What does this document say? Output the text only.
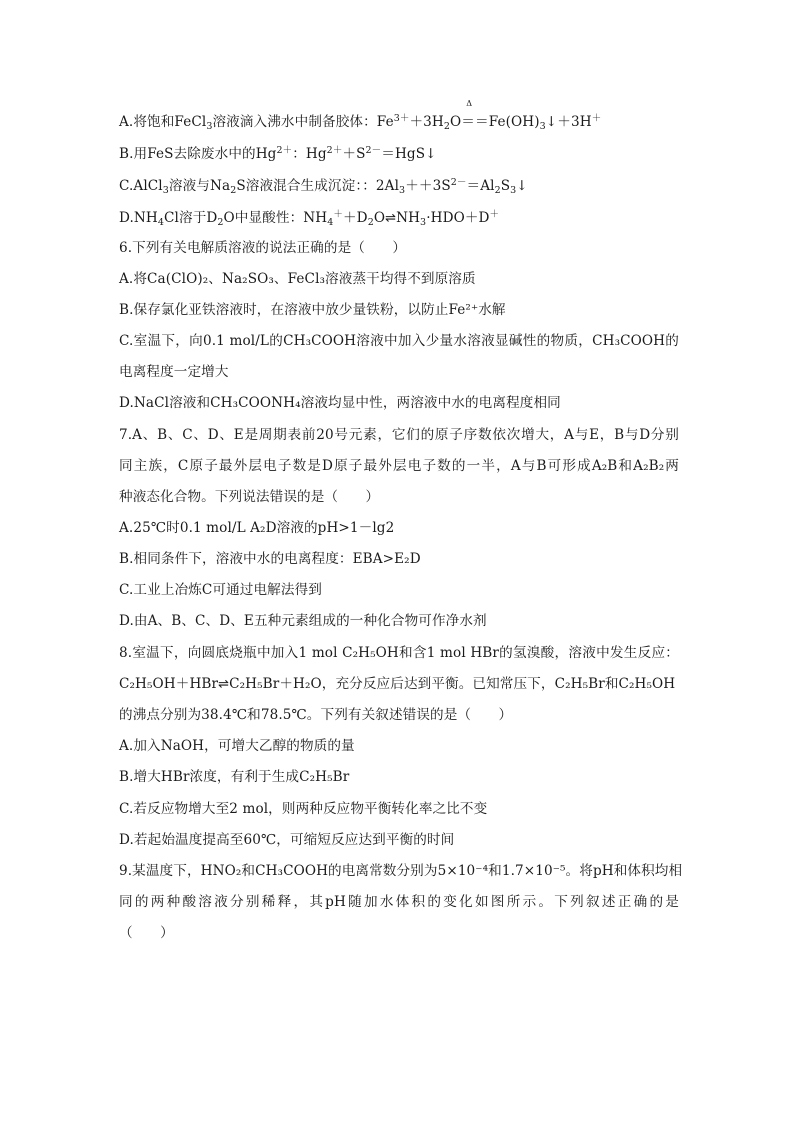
A.将饱和FeCl$_3$溶液滴入沸水中制备胶体：$Fe^{3+}+3H_2O$
Δ
$==Fe(OH)_3↓+3H^+$
B.用FeS去除废水中的$Hg^{2+}$：$Hg^{2+}+S^{2-}=HgS↓$
C.AlCl$_3$溶液与$Na_2S$溶液混合生成沉淀：：$2Al_3++3S^{2-}=Al_2S_3↓$
$D.NH_4Cl$溶于$D_2O$中显酸性：$NH_4^++D_2O\rightleftharpoons NH_3\cdot HDO+D^+$
6.下列有关电解质溶液的说法正确的是（　　）
A.将Ca(ClO)₂、Na₂SO₃、FeCl₃溶液蒸干均得不到原溶质
B.保存氯化亚铁溶液时，在溶液中放少量铁粉，以防止Fe²⁺水解
C.室温下，向0.1 mol/L的CH₃COOH溶液中加入少量水溶液显碱性的物质，CH₃COOH的
电离程度一定增大
D.NaCl溶液和CH₃COONH₄溶液均显中性，两溶液中水的电离程度相同
7.A、B、C、D、E是周期表前20号元素，它们的原子序数依次增大，A与E，B与D分别
同主族，C原子最外层电子数是D原子最外层电子数的一半，A与B可形成A₂B和A₂B₂两
种液态化合物。下列说法错误的是（　　）
A.25℃时0.1 mol/L A₂D溶液的pH>1－lg2
B.相同条件下，溶液中水的电离程度：EBA>E₂D
C.工业上冶炼C可通过电解法得到
D.由A、B、C、D、E五种元素组成的一种化合物可作净水剂
8.室温下，向圆底烧瓶中加入1 mol C₂H₅OH和含1 mol HBr的氢溴酸，溶液中发生反应：
C₂H₅OH＋HBr⇌C₂H₅Br＋H₂O，充分反应后达到平衡。已知常压下，C₂H₅Br和C₂H₅OH
的沸点分别为38.4℃和78.5℃。下列有关叙述错误的是（　　）
A.加入NaOH，可增大乙醇的物质的量
B.增大HBr浓度，有利于生成C₂H₅Br
C.若反应物增大至2 mol，则两种反应物平衡转化率之比不变
D.若起始温度提高至60℃，可缩短反应达到平衡的时间
9.某温度下，HNO₂和CH₃COOH的电离常数分别为5×10⁻⁴和1.7×10⁻⁵。将pH和体积均相
同的两种酸溶液分别稀释，其pH随加水体积的变化如图所示。下列叙述正确的是
（　　）
